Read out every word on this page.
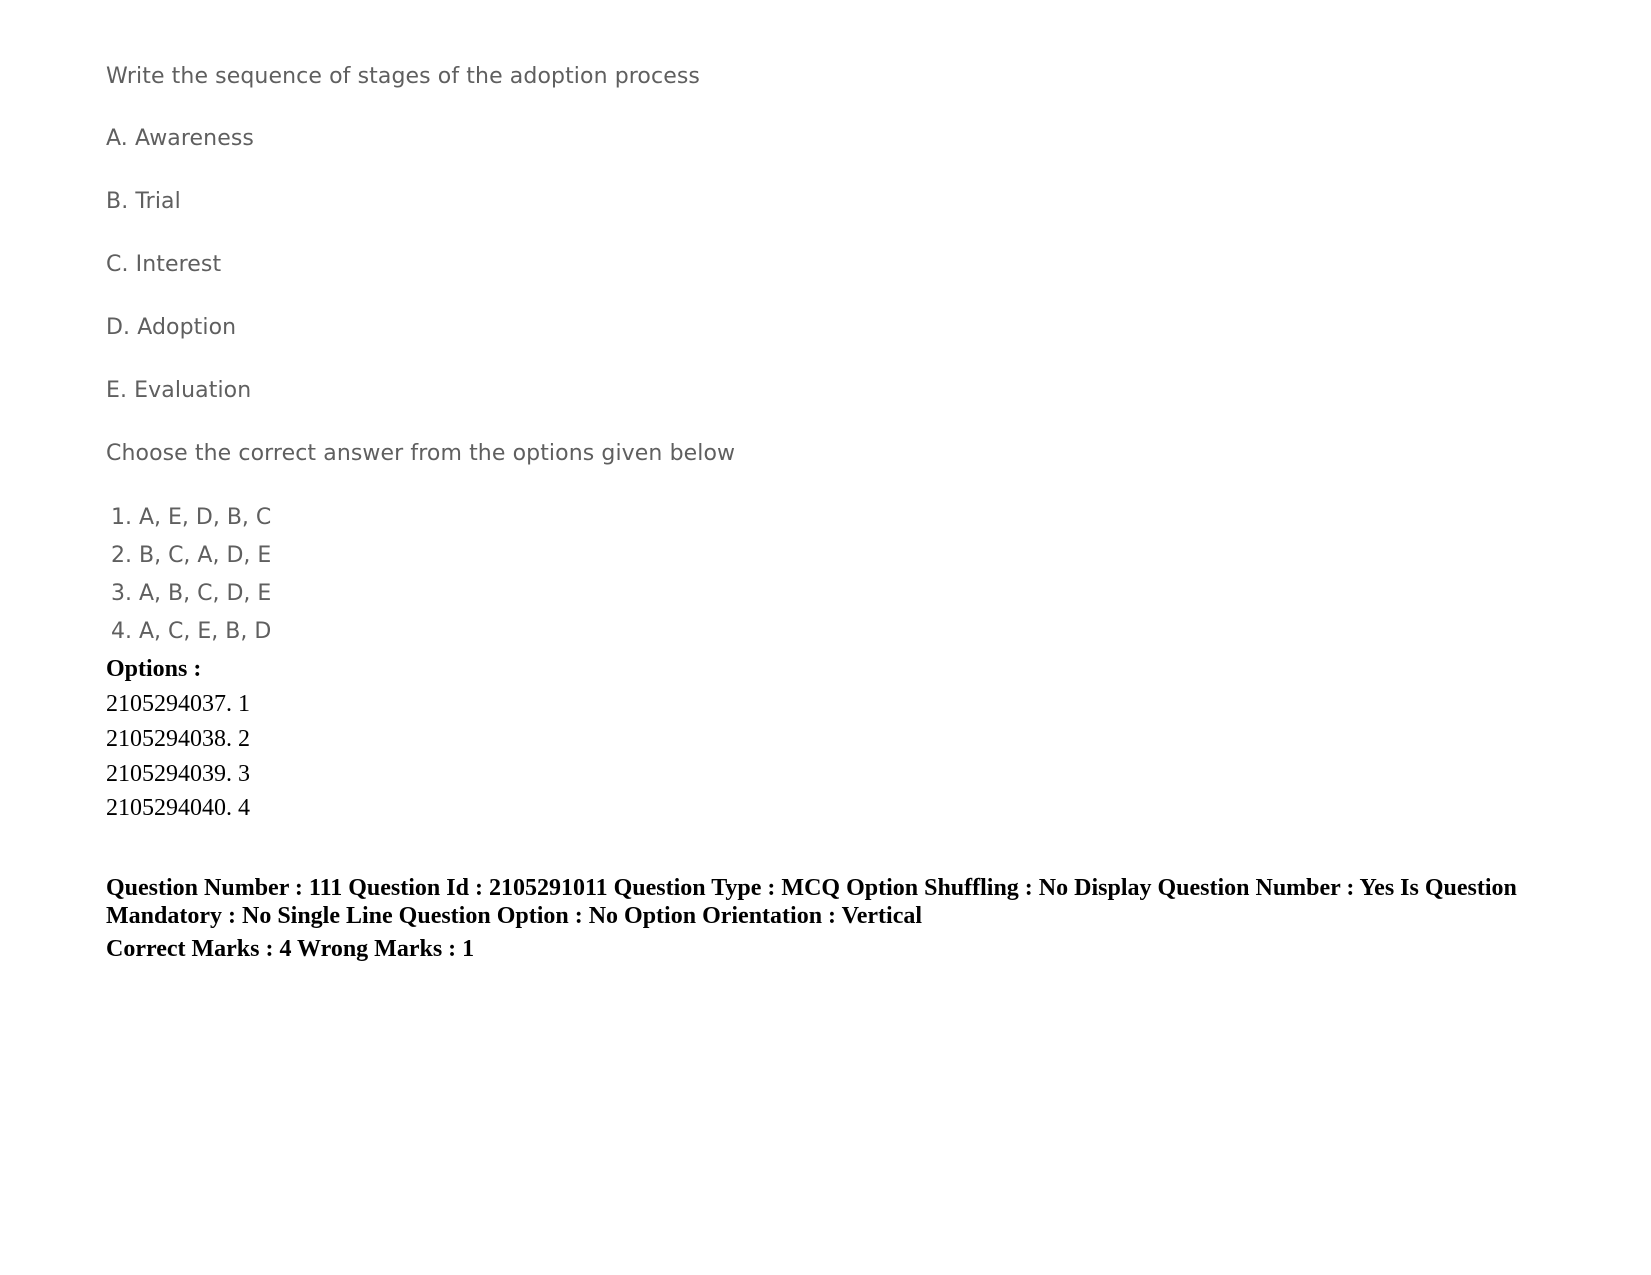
Write the sequence of stages of the adoption process
A. Awareness
B. Trial
C. Interest
D. Adoption
E. Evaluation
Choose the correct answer from the options given below
1. A, E, D, B, C
2. B, C, A, D, E
3. A, B, C, D, E
4. A, C, E, B, D
Options :
2105294037. 1
2105294038. 2
2105294039. 3
2105294040. 4
Question Number : 111 Question Id : 2105291011 Question Type : MCQ Option Shuffling : No Display Question Number : Yes Is Question Mandatory : No Single Line Question Option : No Option Orientation : Vertical
Correct Marks : 4 Wrong Marks : 1
